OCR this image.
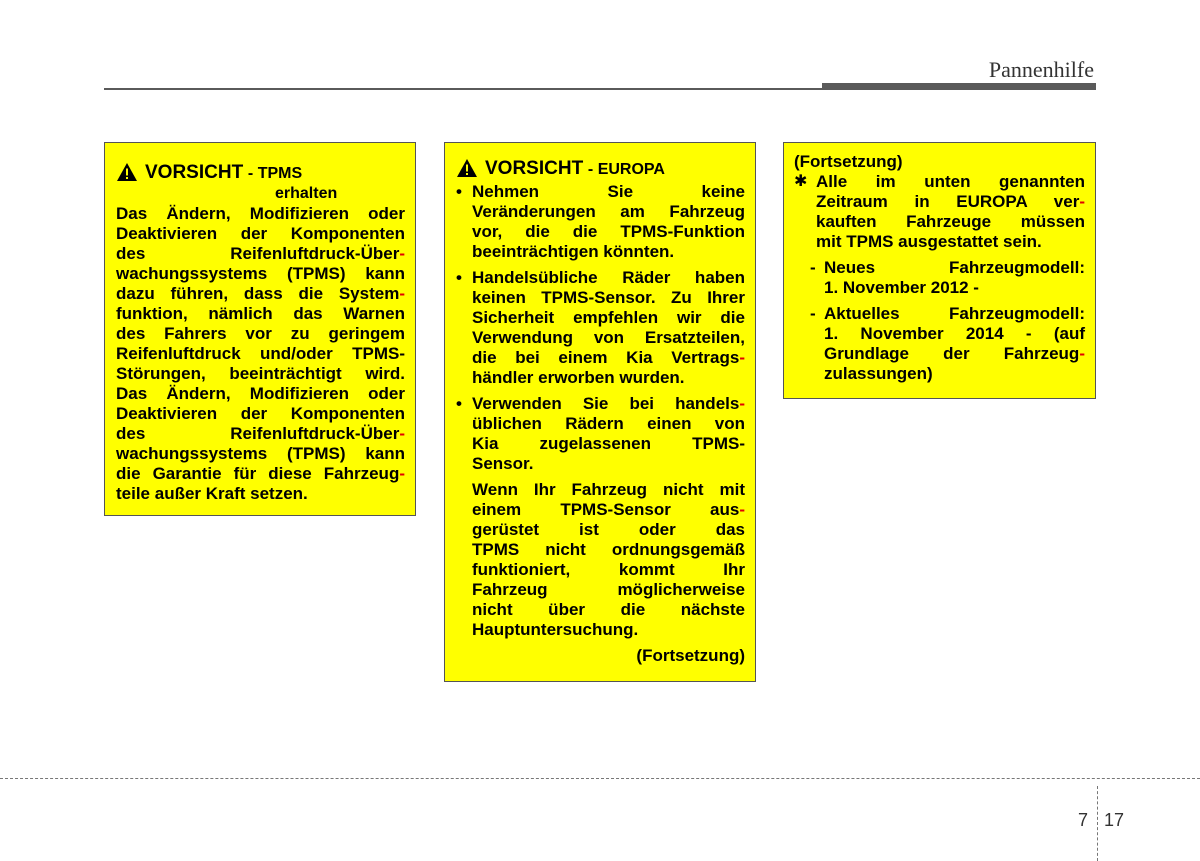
Pannenhilfe
VORSICHT - TPMS
erhalten

Das Ändern, Modifizieren oder

Deaktivieren der Komponenten

des Reifenluftdruck-Über-

wachungssystems (TPMS) kann

dazu führen, dass die System-

funktion, nämlich das Warnen

des Fahrers vor zu geringem

Reifenluftdruck und/oder TPMS-

Störungen, beeinträchtigt wird.

Das Ändern, Modifizieren oder

Deaktivieren der Komponenten

des Reifenluftdruck-Über-

wachungssystems (TPMS) kann

die Garantie für diese Fahrzeug-

teile außer Kraft setzen.

VORSICHT - EUROPA
• Nehmen Sie keine

Veränderungen am Fahrzeug

vor, die die TPMS-Funktion

beeinträchtigen könnten.

• Handelsübliche Räder haben

keinen TPMS-Sensor. Zu Ihrer

Sicherheit empfehlen wir die

Verwendung von Ersatzteilen,

die bei einem Kia Vertrags-

händler erworben wurden.

• Verwenden Sie bei handels-

üblichen Rädern einen von

Kia zugelassenen TPMS-

Sensor.

Wenn Ihr Fahrzeug nicht mit

einem TPMS-Sensor aus-

gerüstet ist oder das

TPMS nicht ordnungsgemäß

funktioniert, kommt Ihr

Fahrzeug möglicherweise

nicht über die nächste

Hauptuntersuchung.

(Fortsetzung)
(Fortsetzung)
✱ Alle im unten genannten

Zeitraum in EUROPA ver-

kauften Fahrzeuge müssen

mit TPMS ausgestattet sein.

- Neues Fahrzeugmodell:

1. November 2012 -

- Aktuelles Fahrzeugmodell:

1. November 2014 - (auf

Grundlage der Fahrzeug-

zulassungen)

7 17
